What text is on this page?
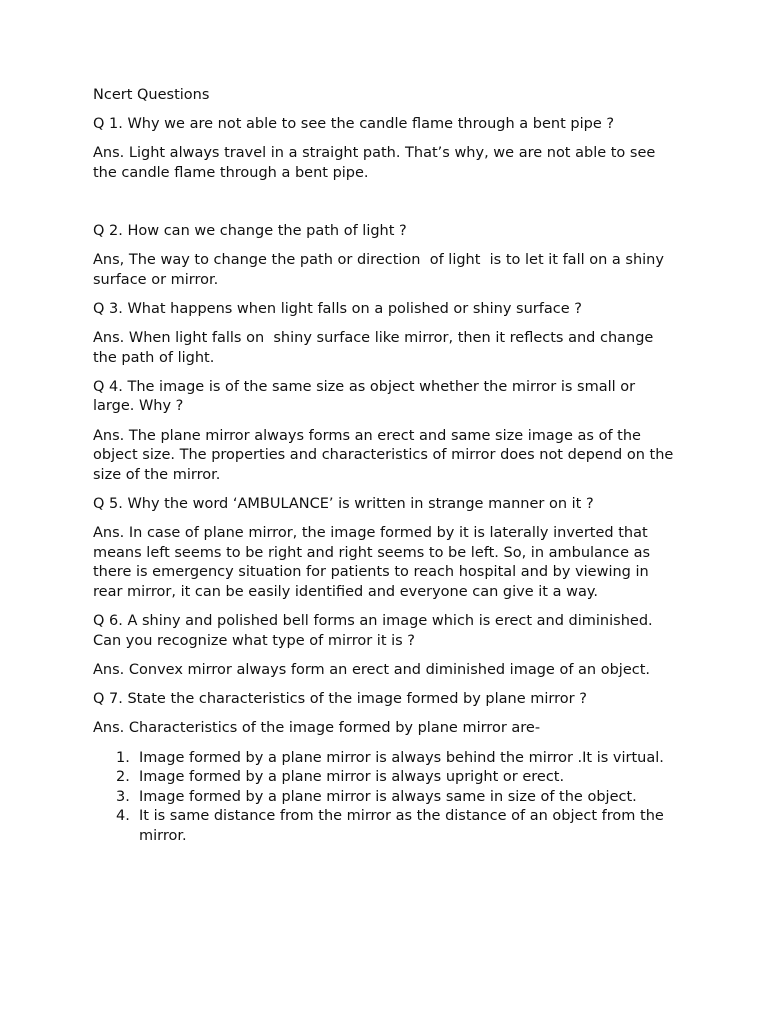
Ncert Questions

Q 1. Why we are not able to see the candle flame through a bent pipe ?

Ans. Light always travel in a straight path. That’s why, we are not able to see the candle flame through a bent pipe.

Q 2. How can we change the path of light ?

Ans, The way to change the path or direction  of light  is to let it fall on a shiny surface or mirror.

Q 3. What happens when light falls on a polished or shiny surface ?

Ans. When light falls on  shiny surface like mirror, then it reflects and change the path of light.

Q 4. The image is of the same size as object whether the mirror is small or large. Why ?

Ans. The plane mirror always forms an erect and same size image as of the object size. The properties and characteristics of mirror does not depend on the size of the mirror.

Q 5. Why the word ‘AMBULANCE’ is written in strange manner on it ?

Ans. In case of plane mirror, the image formed by it is laterally inverted that means left seems to be right and right seems to be left. So, in ambulance as there is emergency situation for patients to reach hospital and by viewing in rear mirror, it can be easily identified and everyone can give it a way.

Q 6. A shiny and polished bell forms an image which is erect and diminished. Can you recognize what type of mirror it is ?

Ans. Convex mirror always form an erect and diminished image of an object.

Q 7. State the characteristics of the image formed by plane mirror ?

Ans. Characteristics of the image formed by plane mirror are-

1. Image formed by a plane mirror is always behind the mirror .It is virtual.
2. Image formed by a plane mirror is always upright or erect.
3. Image formed by a plane mirror is always same in size of the object.
4. It is same distance from the mirror as the distance of an object from the mirror.
